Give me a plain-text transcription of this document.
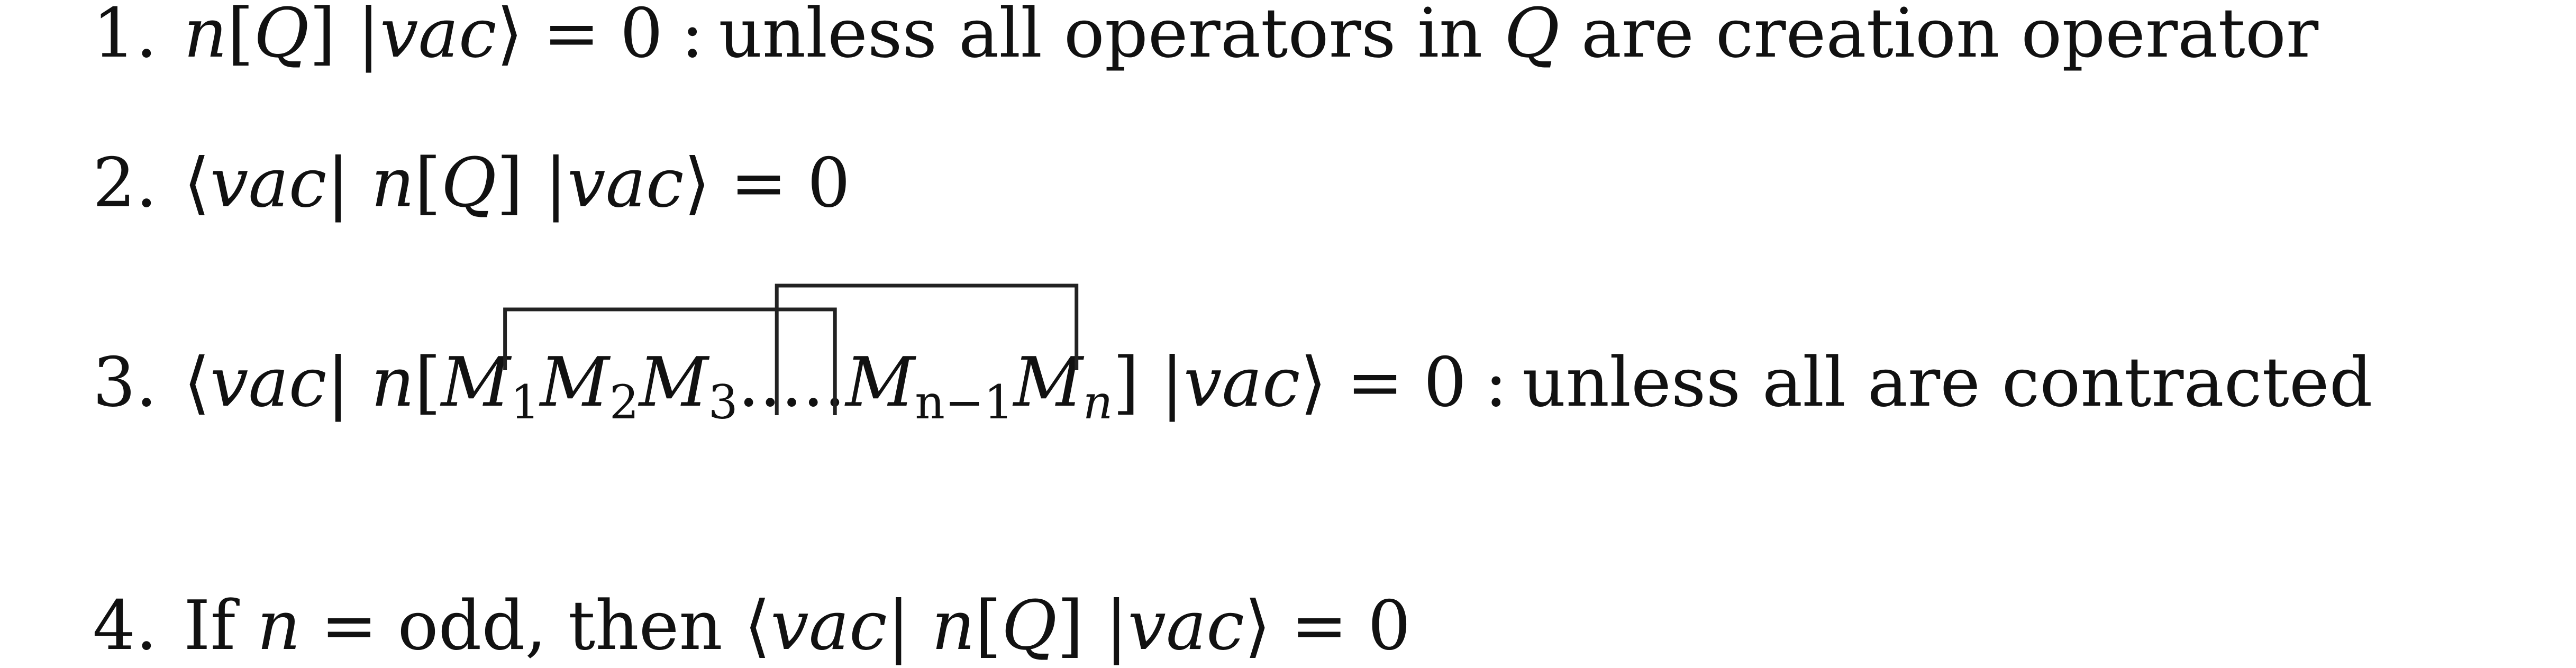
1. n[Q] |vac⟩ = 0 : unless all operators in Q are creation operator
2. ⟨vac| n[Q] |vac⟩ = 0
3. ⟨vac| $n[M_1M_2M_3.....M_{n-1}M_n]$ |vac⟩ = 0 : unless all are contracted
4. If n = odd, then ⟨vac| n[Q] |vac⟩ = 0
